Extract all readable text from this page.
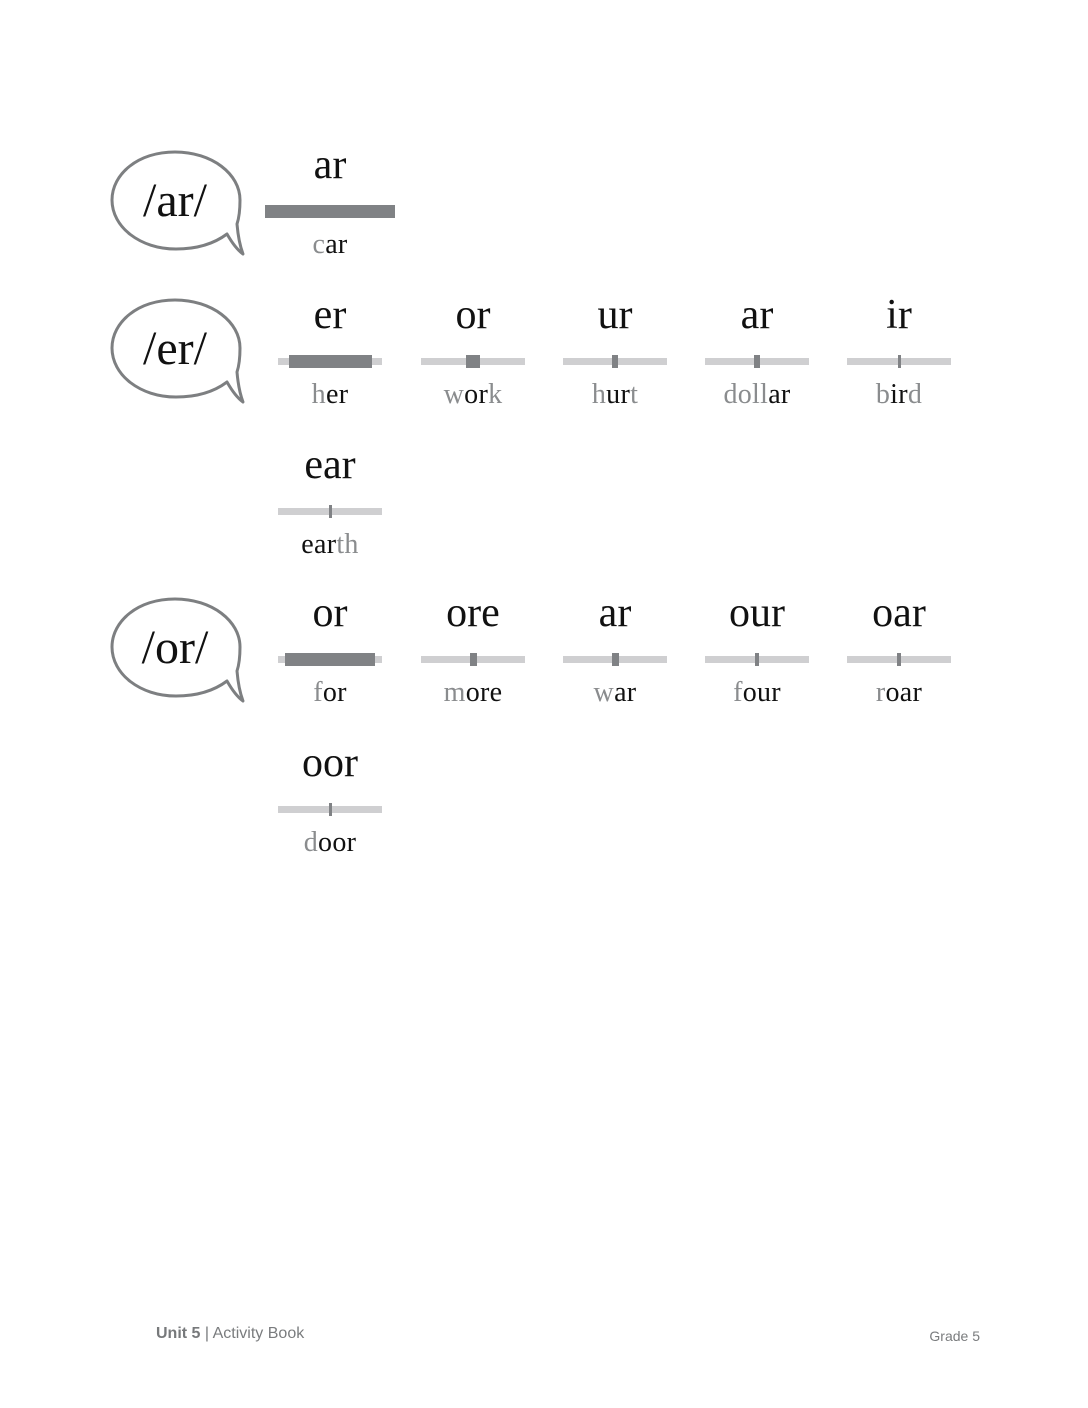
/ar/
ar
car
/er/
er
her
or
work
ur
hurt
ar
dollar
ir
bird
ear
earth
/or/
or
for
ore
more
ar
war
our
four
oar
roar
oor
door
Unit 5 | Activity Book	Grade 5
